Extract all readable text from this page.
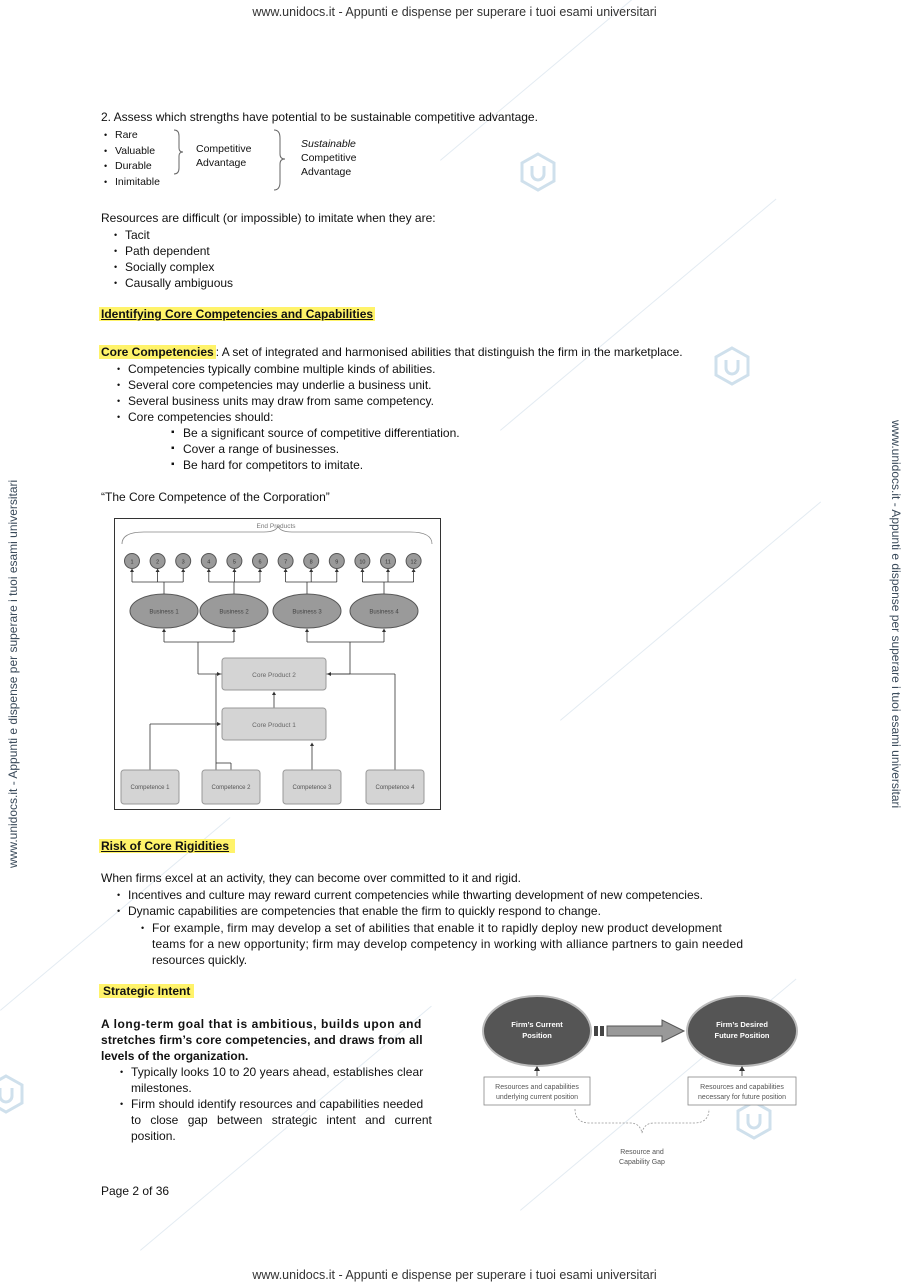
www.unidocs.it - Appunti e dispense per superare i tuoi esami universitari
www.unidocs.it - Appunti e dispense per superare i tuoi esami universitari	www.unidocs.it - Appunti e dispense per superare i tuoi esami universitari
2. Assess which strengths have potential to be sustainable competitive advantage.
• Rare
• Valuable
• Durable
• Inimitable
Competitive
Advantage
Sustainable
Competitive
Advantage
Resources are difficult (or impossible) to imitate when they are:
• Tacit
• Path dependent
• Socially complex
• Causally ambiguous
Identifying Core Competencies and Capabilities
Core Competencies : A set of integrated and harmonised abilities that distinguish the firm in the marketplace.
• Competencies typically combine multiple kinds of abilities.
• Several core competencies may underlie a business unit.
• Several business units may draw from same competency.
• Core competencies should:
▪ Be a significant source of competitive differentiation.
▪ Cover a range of businesses.
▪ Be hard for competitors to imitate.
“The Core Competence of the Corporation”
End Products
1	2	3	4	5	6	7	8	9	10	11	12
Business 1	Business 2	Business 3	Business 4
Core Product 2
Core Product 1
Competence 1	Competence 2	Competence 3	Competence 4
Risk of Core Rigidities
When firms excel at an activity, they can become over committed to it and rigid.
• Incentives and culture may reward current competencies while thwarting development of new competencies.
• Dynamic capabilities are competencies that enable the firm to quickly respond to change.
• For example, firm may develop a set of abilities that enable it to rapidly deploy new product development
teams for a new opportunity; firm may develop competency in working with alliance partners to gain needed
resources quickly.
Strategic Intent
A long-term goal that is ambitious, builds upon and
stretches firm’s core competencies, and draws from all
levels of the organization.
• Typically looks 10 to 20 years ahead, establishes clear
milestones.
• Firm should identify resources and capabilities needed
to close gap between strategic intent and current
position.
Firm’s Current
Position
Firm’s Desired
Future Position
Resources and capabilities
underlying current position
Resources and capabilities
necessary for future position
Resource and
Capability Gap
Page 2 of 36
www.unidocs.it - Appunti e dispense per superare i tuoi esami universitari
